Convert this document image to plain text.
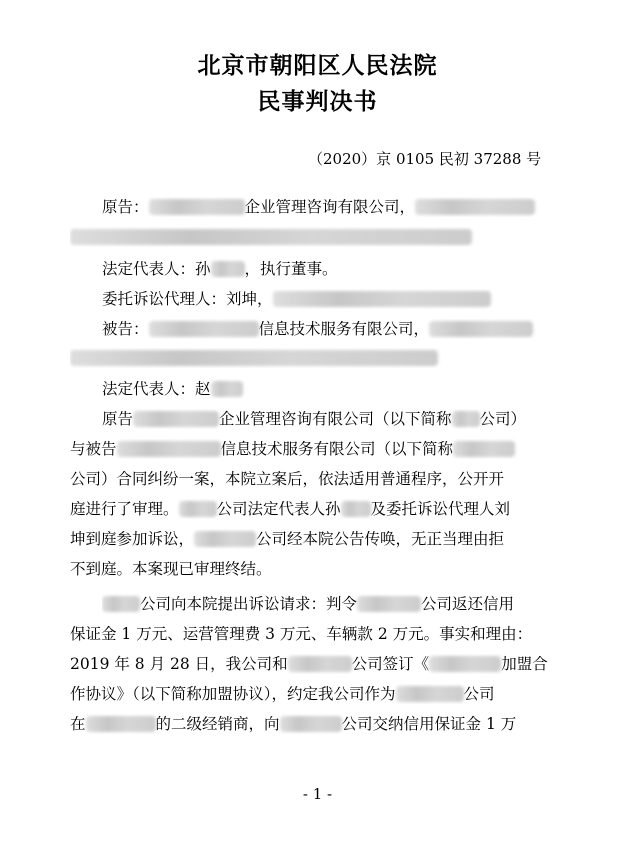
北京市朝阳区人民法院
民事判决书
（2020）京 0105 民初 37288 号
原告：	企业管理咨询有限公司，
法定代表人：孙 ，执行董事。
委托诉讼代理人：刘坤，
被告：	信息技术服务有限公司，
法定代表人：赵
原告	企业管理咨询有限公司（以下简称 公司）
与被告	信息技术服务有限公司（以下简称
公司）合同纠纷一案，本院立案后，依法适用普通程序，公开开
庭进行了审理。 公司法定代表人孙 及委托诉讼代理人刘
坤到庭参加诉讼，	公司经本院公告传唤，无正当理由拒
不到庭。本案现已审理终结。
公司向本院提出诉讼请求：判令	公司返还信用
保证金 1 万元、运营管理费 3 万元、车辆款 2 万元。事实和理由：
2019 年 8 月 28 日，我公司和	公司签订《	加盟合
作协议》（以下简称加盟协议），约定我公司作为	公司
在	的二级经销商，向	公司交纳信用保证金 1 万
- 1 -
